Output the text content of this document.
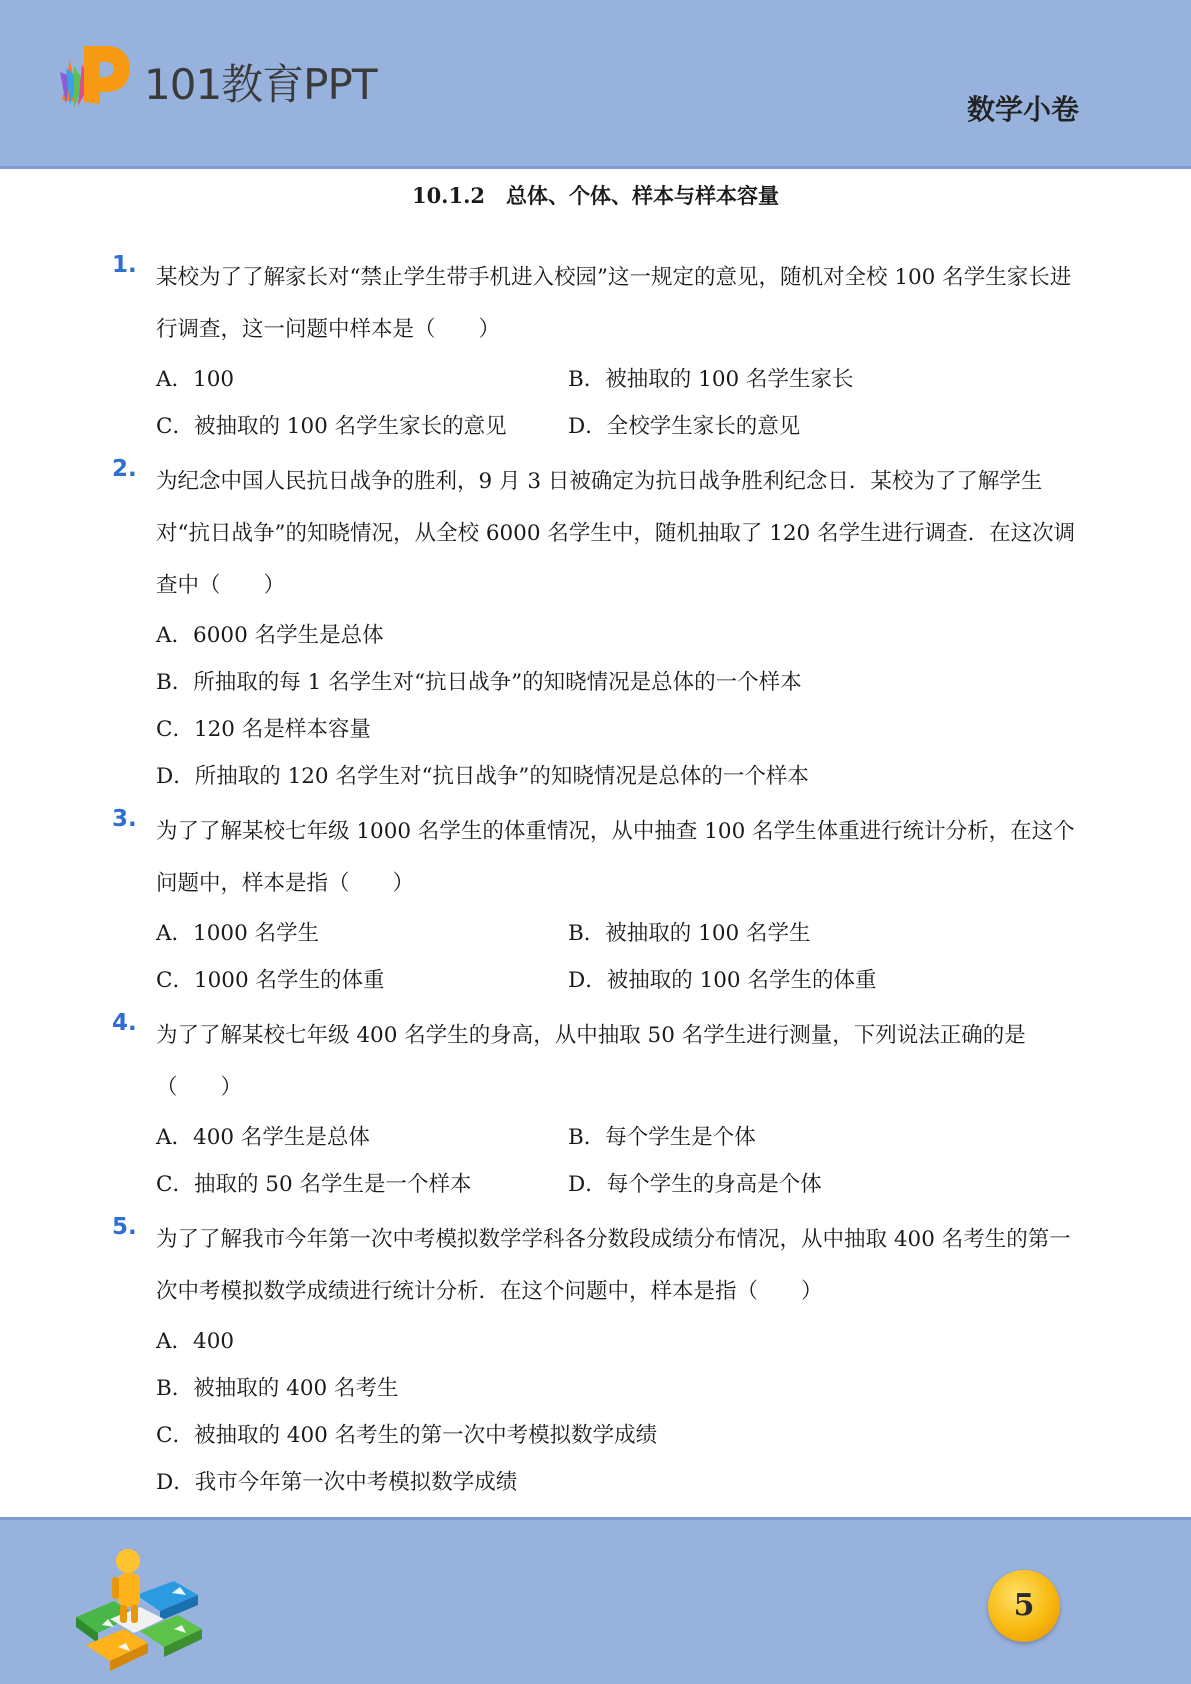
101教育PPT
数学小卷
10.1.2　总体、个体、样本与样本容量
1. 某校为了了解家长对“禁止学生带手机进入校园”这一规定的意见，随机对全校 100 名学生家长进行调查，这一问题中样本是（　　）
A．100	B．被抽取的 100 名学生家长
C．被抽取的 100 名学生家长的意见	D．全校学生家长的意见
2. 为纪念中国人民抗日战争的胜利，9 月 3 日被确定为抗日战争胜利纪念日．某校为了了解学生对“抗日战争”的知晓情况，从全校 6000 名学生中，随机抽取了 120 名学生进行调查．在这次调查中（　　）
A．6000 名学生是总体
B．所抽取的每 1 名学生对“抗日战争”的知晓情况是总体的一个样本
C．120 名是样本容量
D．所抽取的 120 名学生对“抗日战争”的知晓情况是总体的一个样本
3. 为了了解某校七年级 1000 名学生的体重情况，从中抽查 100 名学生体重进行统计分析，在这个问题中，样本是指（　　）
A．1000 名学生	B．被抽取的 100 名学生
C．1000 名学生的体重	D．被抽取的 100 名学生的体重
4. 为了了解某校七年级 400 名学生的身高，从中抽取 50 名学生进行测量，下列说法正确的是（　　）
A．400 名学生是总体	B．每个学生是个体
C．抽取的 50 名学生是一个样本	D．每个学生的身高是个体
5. 为了了解我市今年第一次中考模拟数学学科各分数段成绩分布情况，从中抽取 400 名考生的第一次中考模拟数学成绩进行统计分析．在这个问题中，样本是指（　　）
A．400
B．被抽取的 400 名考生
C．被抽取的 400 名考生的第一次中考模拟数学成绩
D．我市今年第一次中考模拟数学成绩
5
